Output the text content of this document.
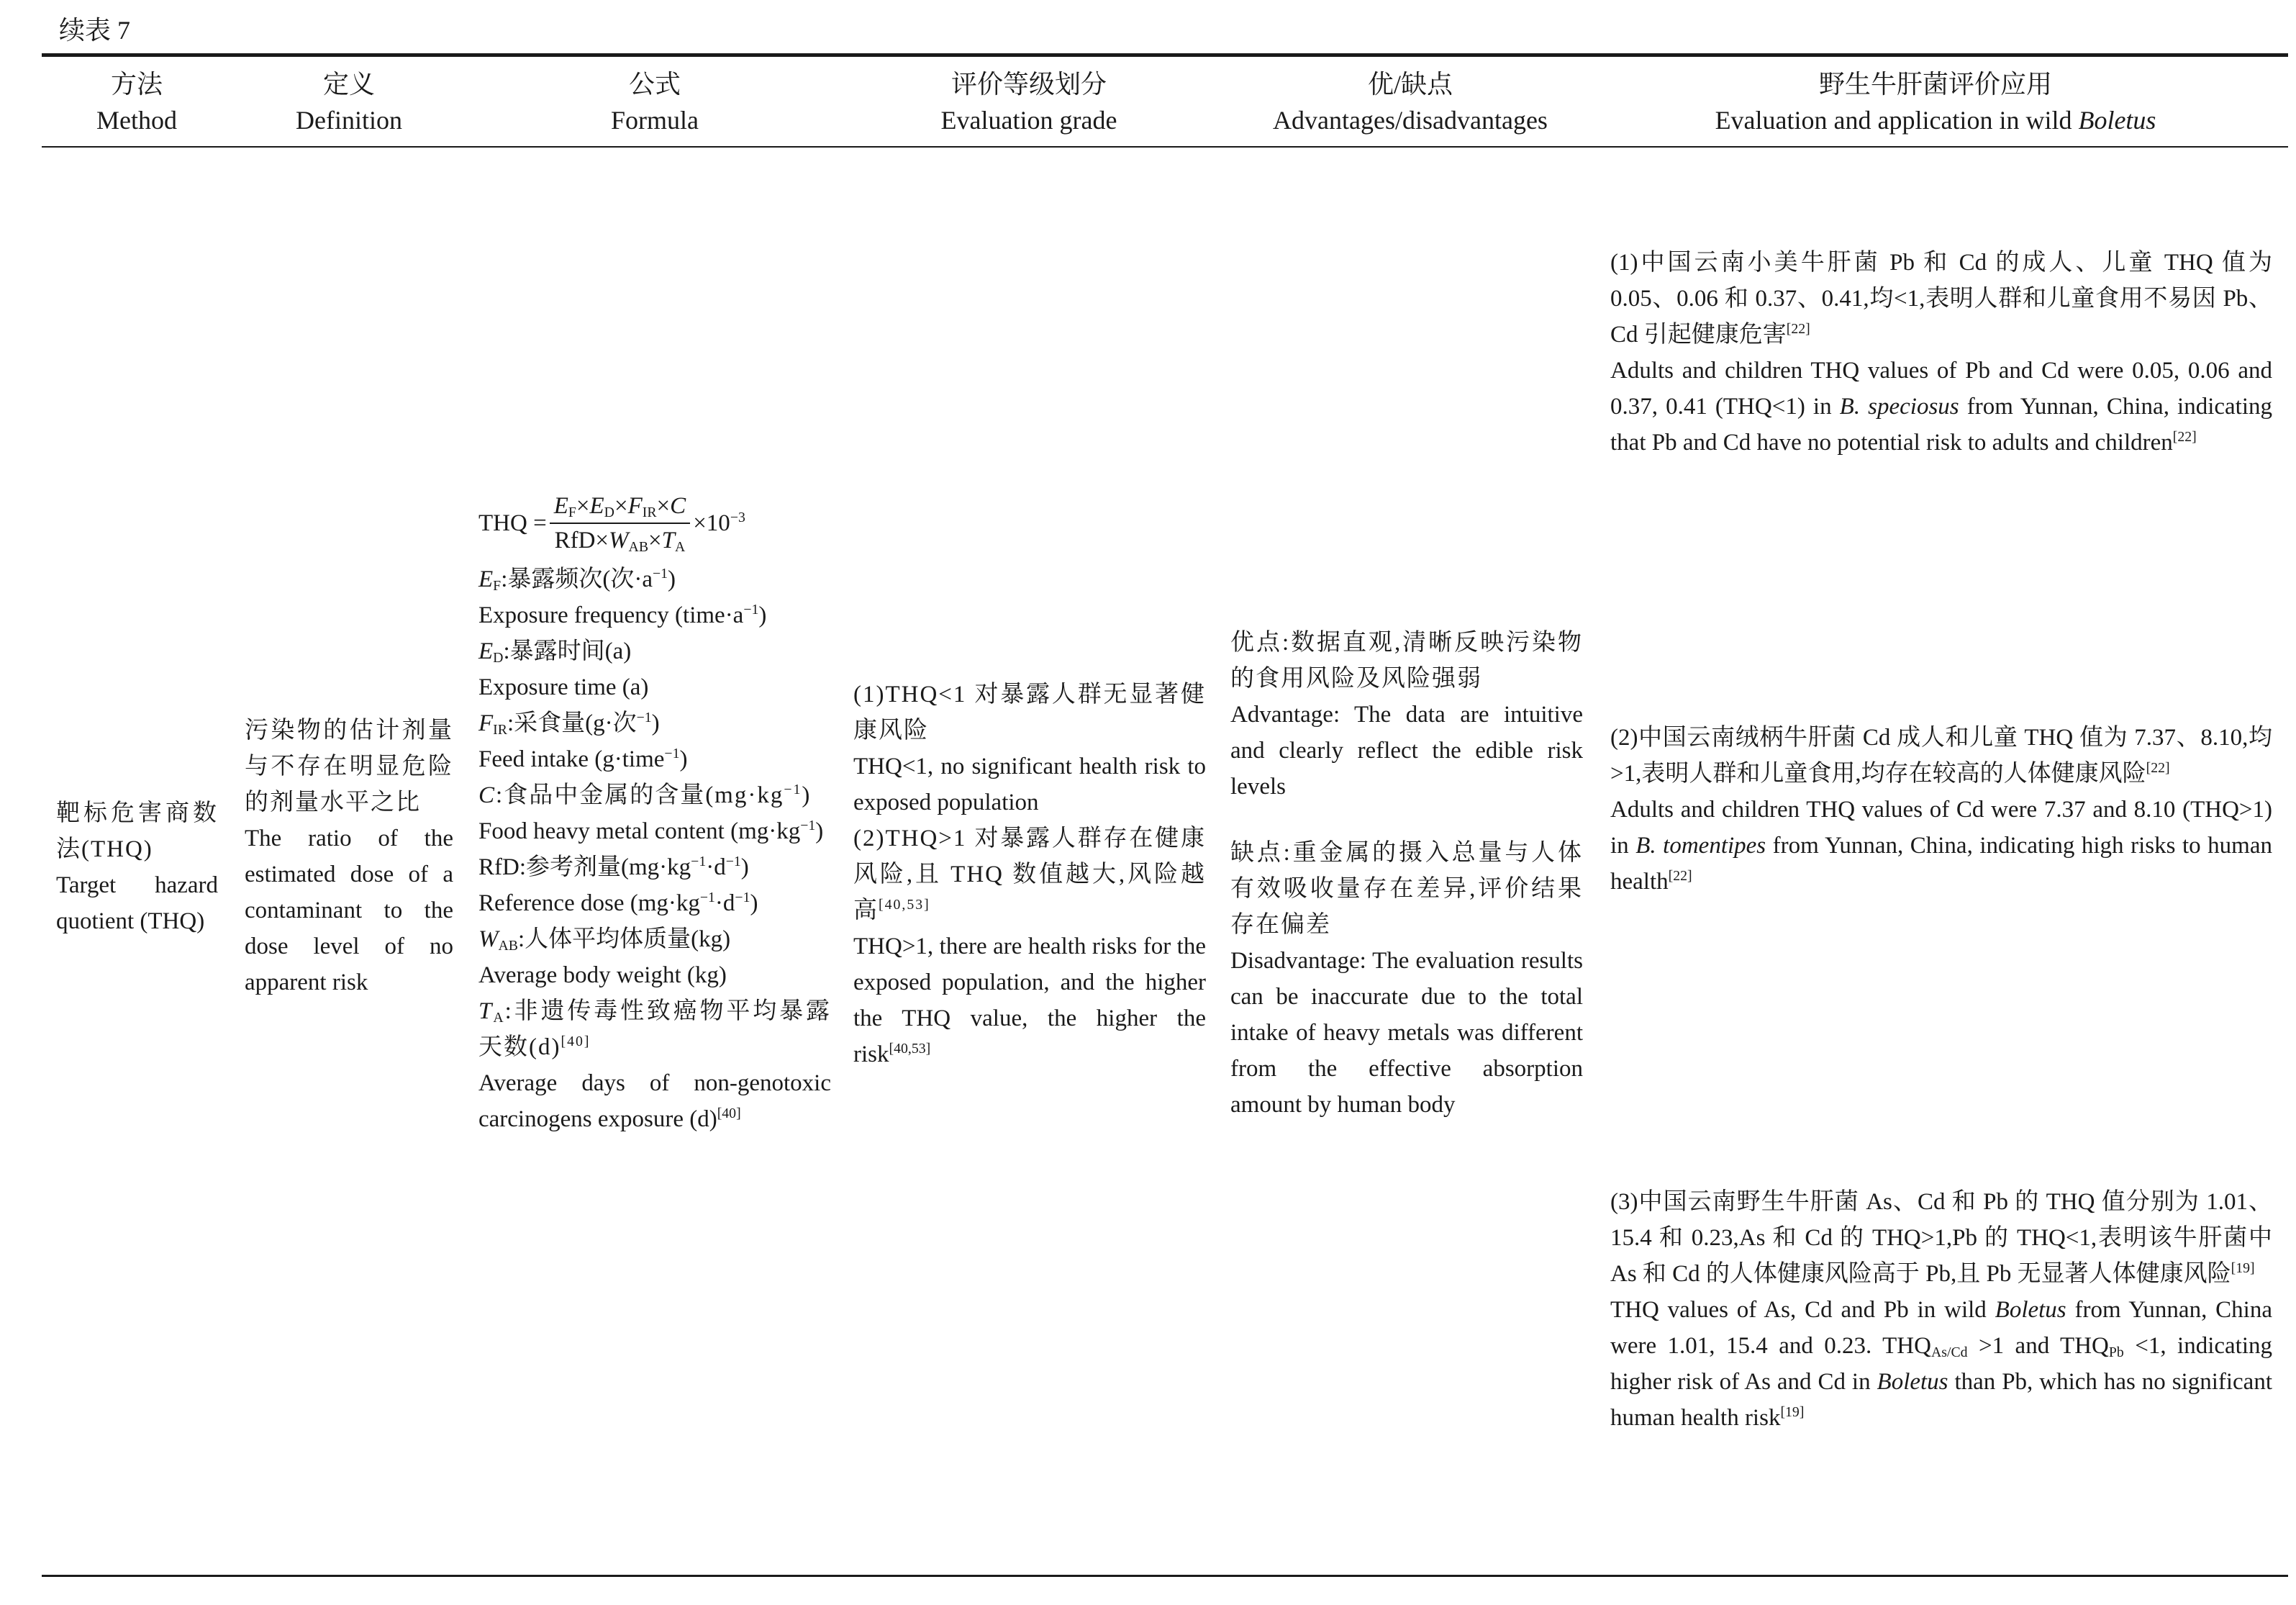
续表 7
方法
Method
定义
Definition
公式
Formula
评价等级划分
Evaluation grade
优/缺点
Advantages/disadvantages
野生牛肝菌评价应用
Evaluation and application in wild Boletus

靶标危害商数法(THQ)

Target hazard quotient (THQ)

污染物的估计剂量与不存在明显危险的剂量水平之比

The ratio of the estimated dose of a contaminant to the dose level of no apparent risk

THQ = $\frac{E_F\times E_D\times F_{IR}\times C}{RfD\times W_{AB}\times T_A} \times 10^{-3}$

$E_F$:暴露频次(次$\cdot a^{-1}$)

Exposure frequency $(time\cdot a^{-1})$

$E_D$:暴露时间(a)

Exposure time (a)

$F_{IR}$:采食量(g·次$^{-1}$)

Feed intake (g·time$^{-1}$)

C:食品中金属的含量$(mg\cdot kg^{-1})$

Food heavy metal content $(mg\cdot kg^{-1})$

RfD:参考剂量$(mg\cdot kg^{-1}\cdot d^{-1})$

Reference dose $(mg\cdot kg^{-1}\cdot d^{-1})$

$W_{AB}$:人体平均体质量(kg)

Average body weight (kg)

$T_A$:非遗传毒性致癌物平均暴露天数(d)[40]

Average days of non-genotoxic carcinogens exposure (d)[40]

(1)THQ<1 对暴露人群无显著健康风险

THQ<1, no significant health risk to exposed population

(2)THQ>1 对暴露人群存在健康风险,且 THQ 数值越大,风险越高[40,53]

THQ>1, there are health risks for the exposed population, and the higher the THQ value, the higher the risk[40,53]

优点:数据直观,清晰反映污染物的食用风险及风险强弱

Advantage: The data are intuitive and clearly reflect the edible risk levels

缺点:重金属的摄入总量与人体有效吸收量存在差异,评价结果存在偏差

Disadvantage: The evaluation results can be inaccurate due to the total intake of heavy metals was different from the effective absorption amount by human body

(1)中国云南小美牛肝菌 Pb 和 Cd 的成人、儿童 THQ 值为 0.05、0.06 和 0.37、0.41,均<1,表明人群和儿童食用不易因 Pb、Cd 引起健康危害[22]

Adults and children THQ values of Pb and Cd were 0.05, 0.06 and 0.37, 0.41 (THQ<1) in B. speciosus from Yunnan, China, indicating that Pb and Cd have no potential risk to adults and children[22]

(2)中国云南绒柄牛肝菌 Cd 成人和儿童 THQ 值为 7.37、8.10,均>1,表明人群和儿童食用,均存在较高的人体健康风险[22]

Adults and children THQ values of Cd were 7.37 and 8.10 (THQ>1) in B. tomentipes from Yunnan, China, indicating high risks to human health[22]

(3)中国云南野生牛肝菌 As、Cd 和 Pb 的 THQ 值分别为 1.01、15.4 和 0.23,As 和 Cd 的 THQ>1,Pb 的 THQ<1,表明该牛肝菌中 As 和 Cd 的人体健康风险高于 Pb,且 Pb 无显著人体健康风险[19]

THQ values of As, Cd and Pb in wild Boletus from Yunnan, China were 1.01, 15.4 and 0.23. $THQ_{As/Cd} >1$ and $THQ_{Pb} <1$, indicating higher risk of As and Cd in Boletus than Pb, which has no significant human health risk[19]
